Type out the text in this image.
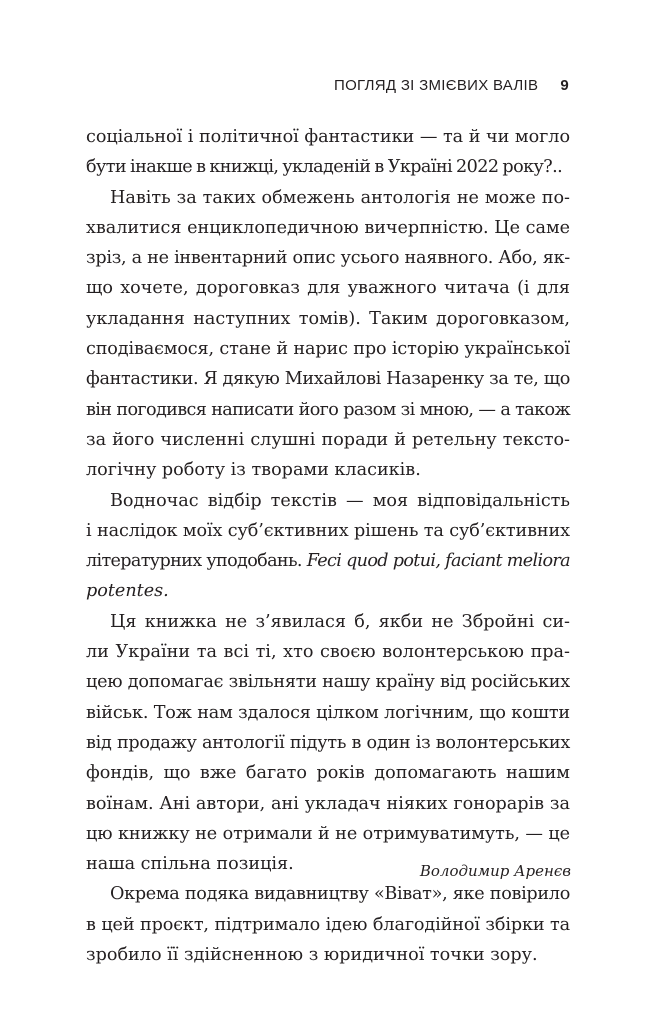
ПОГЛЯД ЗІ ЗМІЄВИХ ВАЛІВ 9
соціальної і політичної фантастики — та й чи могло
бути інакше в книжці, укладеній в Україні 2022 року?..
Навіть за таких обмежень антологія не може по-
хвалитися енциклопедичною вичерпністю. Це саме
зріз, а не інвентарний опис усього наявного. Або, як-
що хочете, дороговказ для уважного читача (і для
укладання наступних томів). Таким дороговказом,
сподіваємося, стане й нарис про історію української
фантастики. Я дякую Михайлові Назаренку за те, що
він погодився написати його разом зі мною, — а також
за його численні слушні поради й ретельну тексто-
логічну роботу із творами класиків.
Водночас відбір текстів — моя відповідальність
і наслідок моїх суб’єктивних рішень та суб’єктивних
літературних уподобань. Feci quod potui, faciant meliora
potentes.
Ця книжка не з’явилася б, якби не Збройні си-
ли України та всі ті, хто своєю волонтерською пра-
цею допомагає звільняти нашу країну від російських
військ. Тож нам здалося цілком логічним, що кошти
від продажу антології підуть в один із волонтерських
фондів, що вже багато років допомагають нашим
воїнам. Ані автори, ані укладач ніяких гонорарів за
цю книжку не отримали й не отримуватимуть, — це
наша спільна позиція.
Окрема подяка видавництву «Віват», яке повірило
в цей проєкт, підтримало ідею благодійної збірки та
зробило її здійсненною з юридичної точки зору.
Володимир Аренєв
